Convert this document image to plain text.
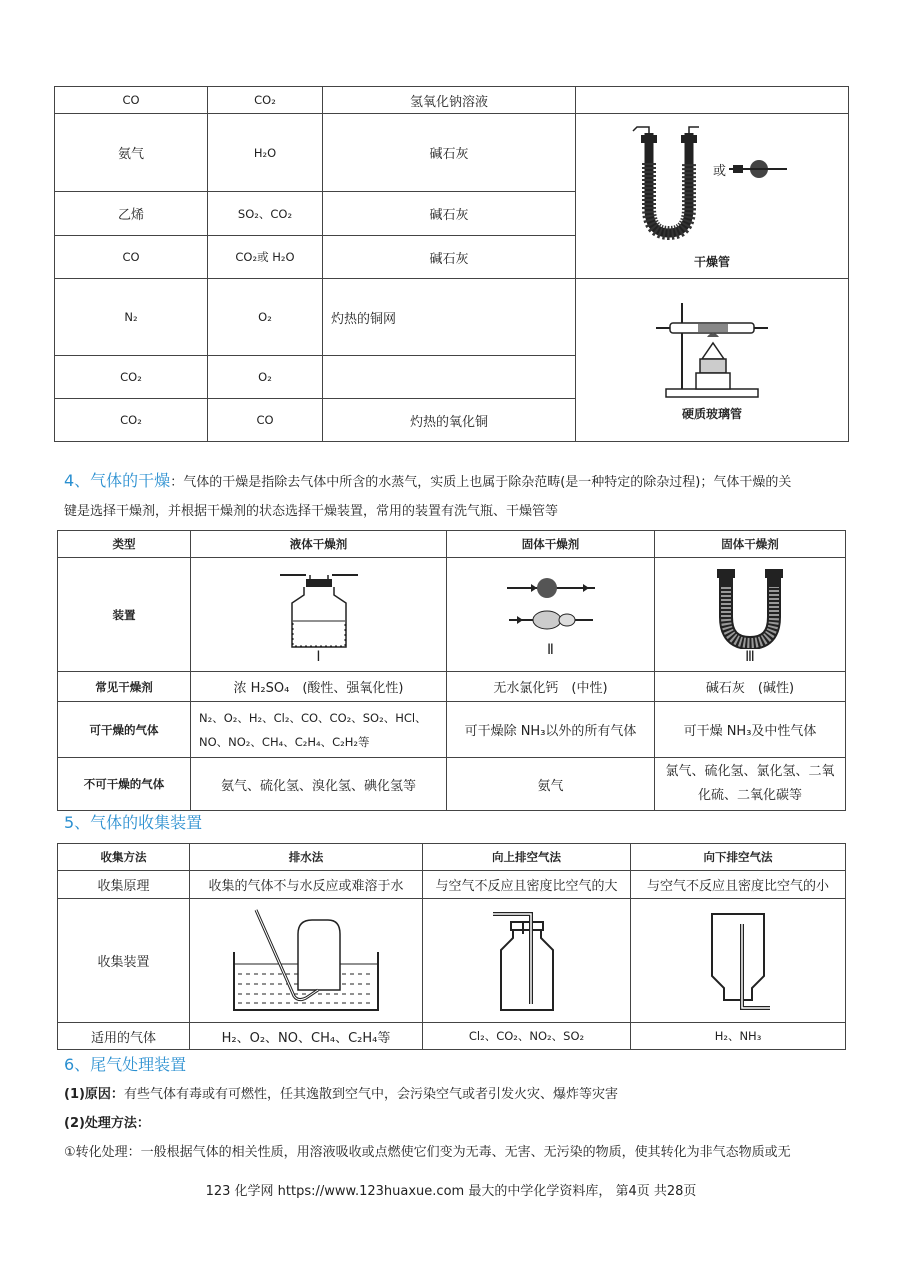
CO	CO₂	氢氧化钠溶液	
氨气	H₂O	碱石灰	或
干燥管

乙烯	SO₂、CO₂	碱石灰	
CO	CO₂或 H₂O	碱石灰	
N₂	O₂	灼热的铜网	硬质玻璃管

CO₂	O₂		
CO₂	CO	灼热的氧化铜	
4、气体的干燥：气体的干燥是指除去气体中所含的水蒸气，实质上也属于除杂范畴(是一种特定的除杂过程)；气体干燥的关
键是选择干燥剂，并根据干燥剂的状态选择干燥装置，常用的装置有洗气瓶、干燥管等
类型	液体干燥剂	固体干燥剂	固体干燥剂
装置	Ⅰ	Ⅱ	Ⅲ

常见干燥剂	浓 H₂SO₄　(酸性、强氧化性)	无水氯化钙　(中性)	碱石灰　(碱性)
可干燥的气体	N₂、O₂、H₂、Cl₂、CO、CO₂、SO₂、HCl、
NO、NO₂、CH₄、C₂H₄、C₂H₂等	可干燥除 NH₃以外的所有气体	可干燥 NH₃及中性气体
不可干燥的气体	氨气、硫化氢、溴化氢、碘化氢等	氨气	氯气、硫化氢、氯化氢、二氧
化硫、二氧化碳等
5、气体的收集装置
收集方法	排水法	向上排空气法	向下排空气法
收集原理	收集的气体不与水反应或难溶于水	与空气不反应且密度比空气的大	与空气不反应且密度比空气的小
收集装置	

适用的气体	H₂、O₂、NO、CH₄、C₂H₄等	Cl₂、CO₂、NO₂、SO₂	H₂、NH₃
6、尾气处理装置
(1)原因：有些气体有毒或有可燃性，任其逸散到空气中，会污染空气或者引发火灾、爆炸等灾害
(2)处理方法：
①转化处理：一般根据气体的相关性质，用溶液吸收或点燃使它们变为无毒、无害、无污染的物质，使其转化为非气态物质或无
123 化学网 https://www.123huaxue.com 最大的中学化学资料库， 第4页 共28页
